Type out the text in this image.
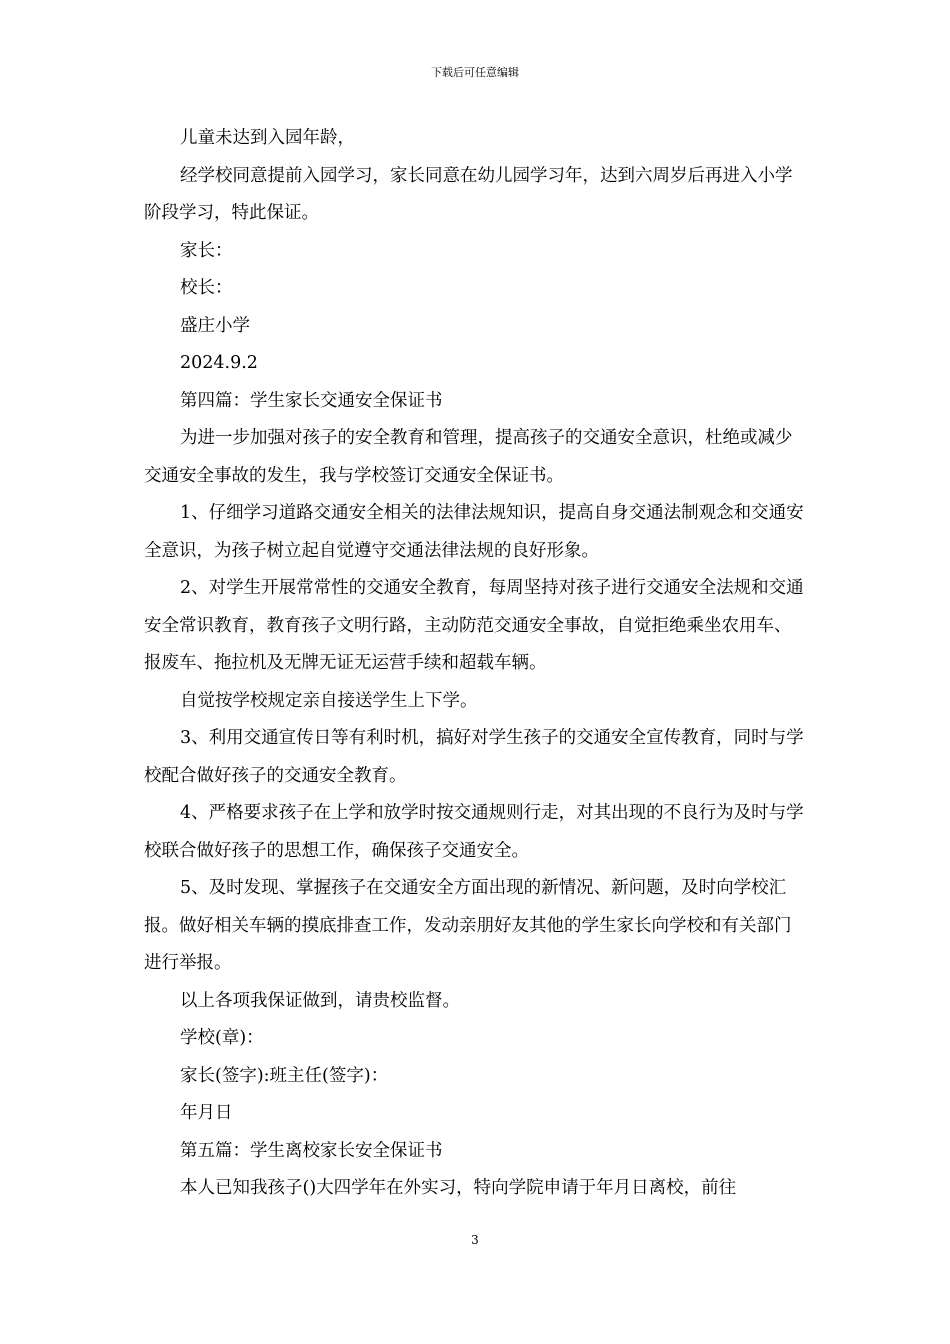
下载后可任意编辑

儿童未达到入园年龄，

经学校同意提前入园学习，家长同意在幼儿园学习年，达到六周岁后再进入小学阶段学习，特此保证。

家长：

校长：

盛庄小学

2024.9.2

第四篇：学生家长交通安全保证书

为进一步加强对孩子的安全教育和管理，提高孩子的交通安全意识，杜绝或减少交通安全事故的发生，我与学校签订交通安全保证书。

1、仔细学习道路交通安全相关的法律法规知识，提高自身交通法制观念和交通安全意识，为孩子树立起自觉遵守交通法律法规的良好形象。

2、对学生开展常常性的交通安全教育，每周坚持对孩子进行交通安全法规和交通安全常识教育，教育孩子文明行路，主动防范交通安全事故，自觉拒绝乘坐农用车、报废车、拖拉机及无牌无证无运营手续和超载车辆。

自觉按学校规定亲自接送学生上下学。

3、利用交通宣传日等有利时机，搞好对学生孩子的交通安全宣传教育，同时与学校配合做好孩子的交通安全教育。

4、严格要求孩子在上学和放学时按交通规则行走，对其出现的不良行为及时与学校联合做好孩子的思想工作，确保孩子交通安全。

5、及时发现、掌握孩子在交通安全方面出现的新情况、新问题，及时向学校汇报。做好相关车辆的摸底排查工作，发动亲朋好友其他的学生家长向学校和有关部门进行举报。

以上各项我保证做到，请贵校监督。

学校(章)：

家长(签字):班主任(签字)：

年月日

第五篇：学生离校家长安全保证书

本人已知我孩子()大四学年在外实习，特向学院申请于年月日离校，前往

3
